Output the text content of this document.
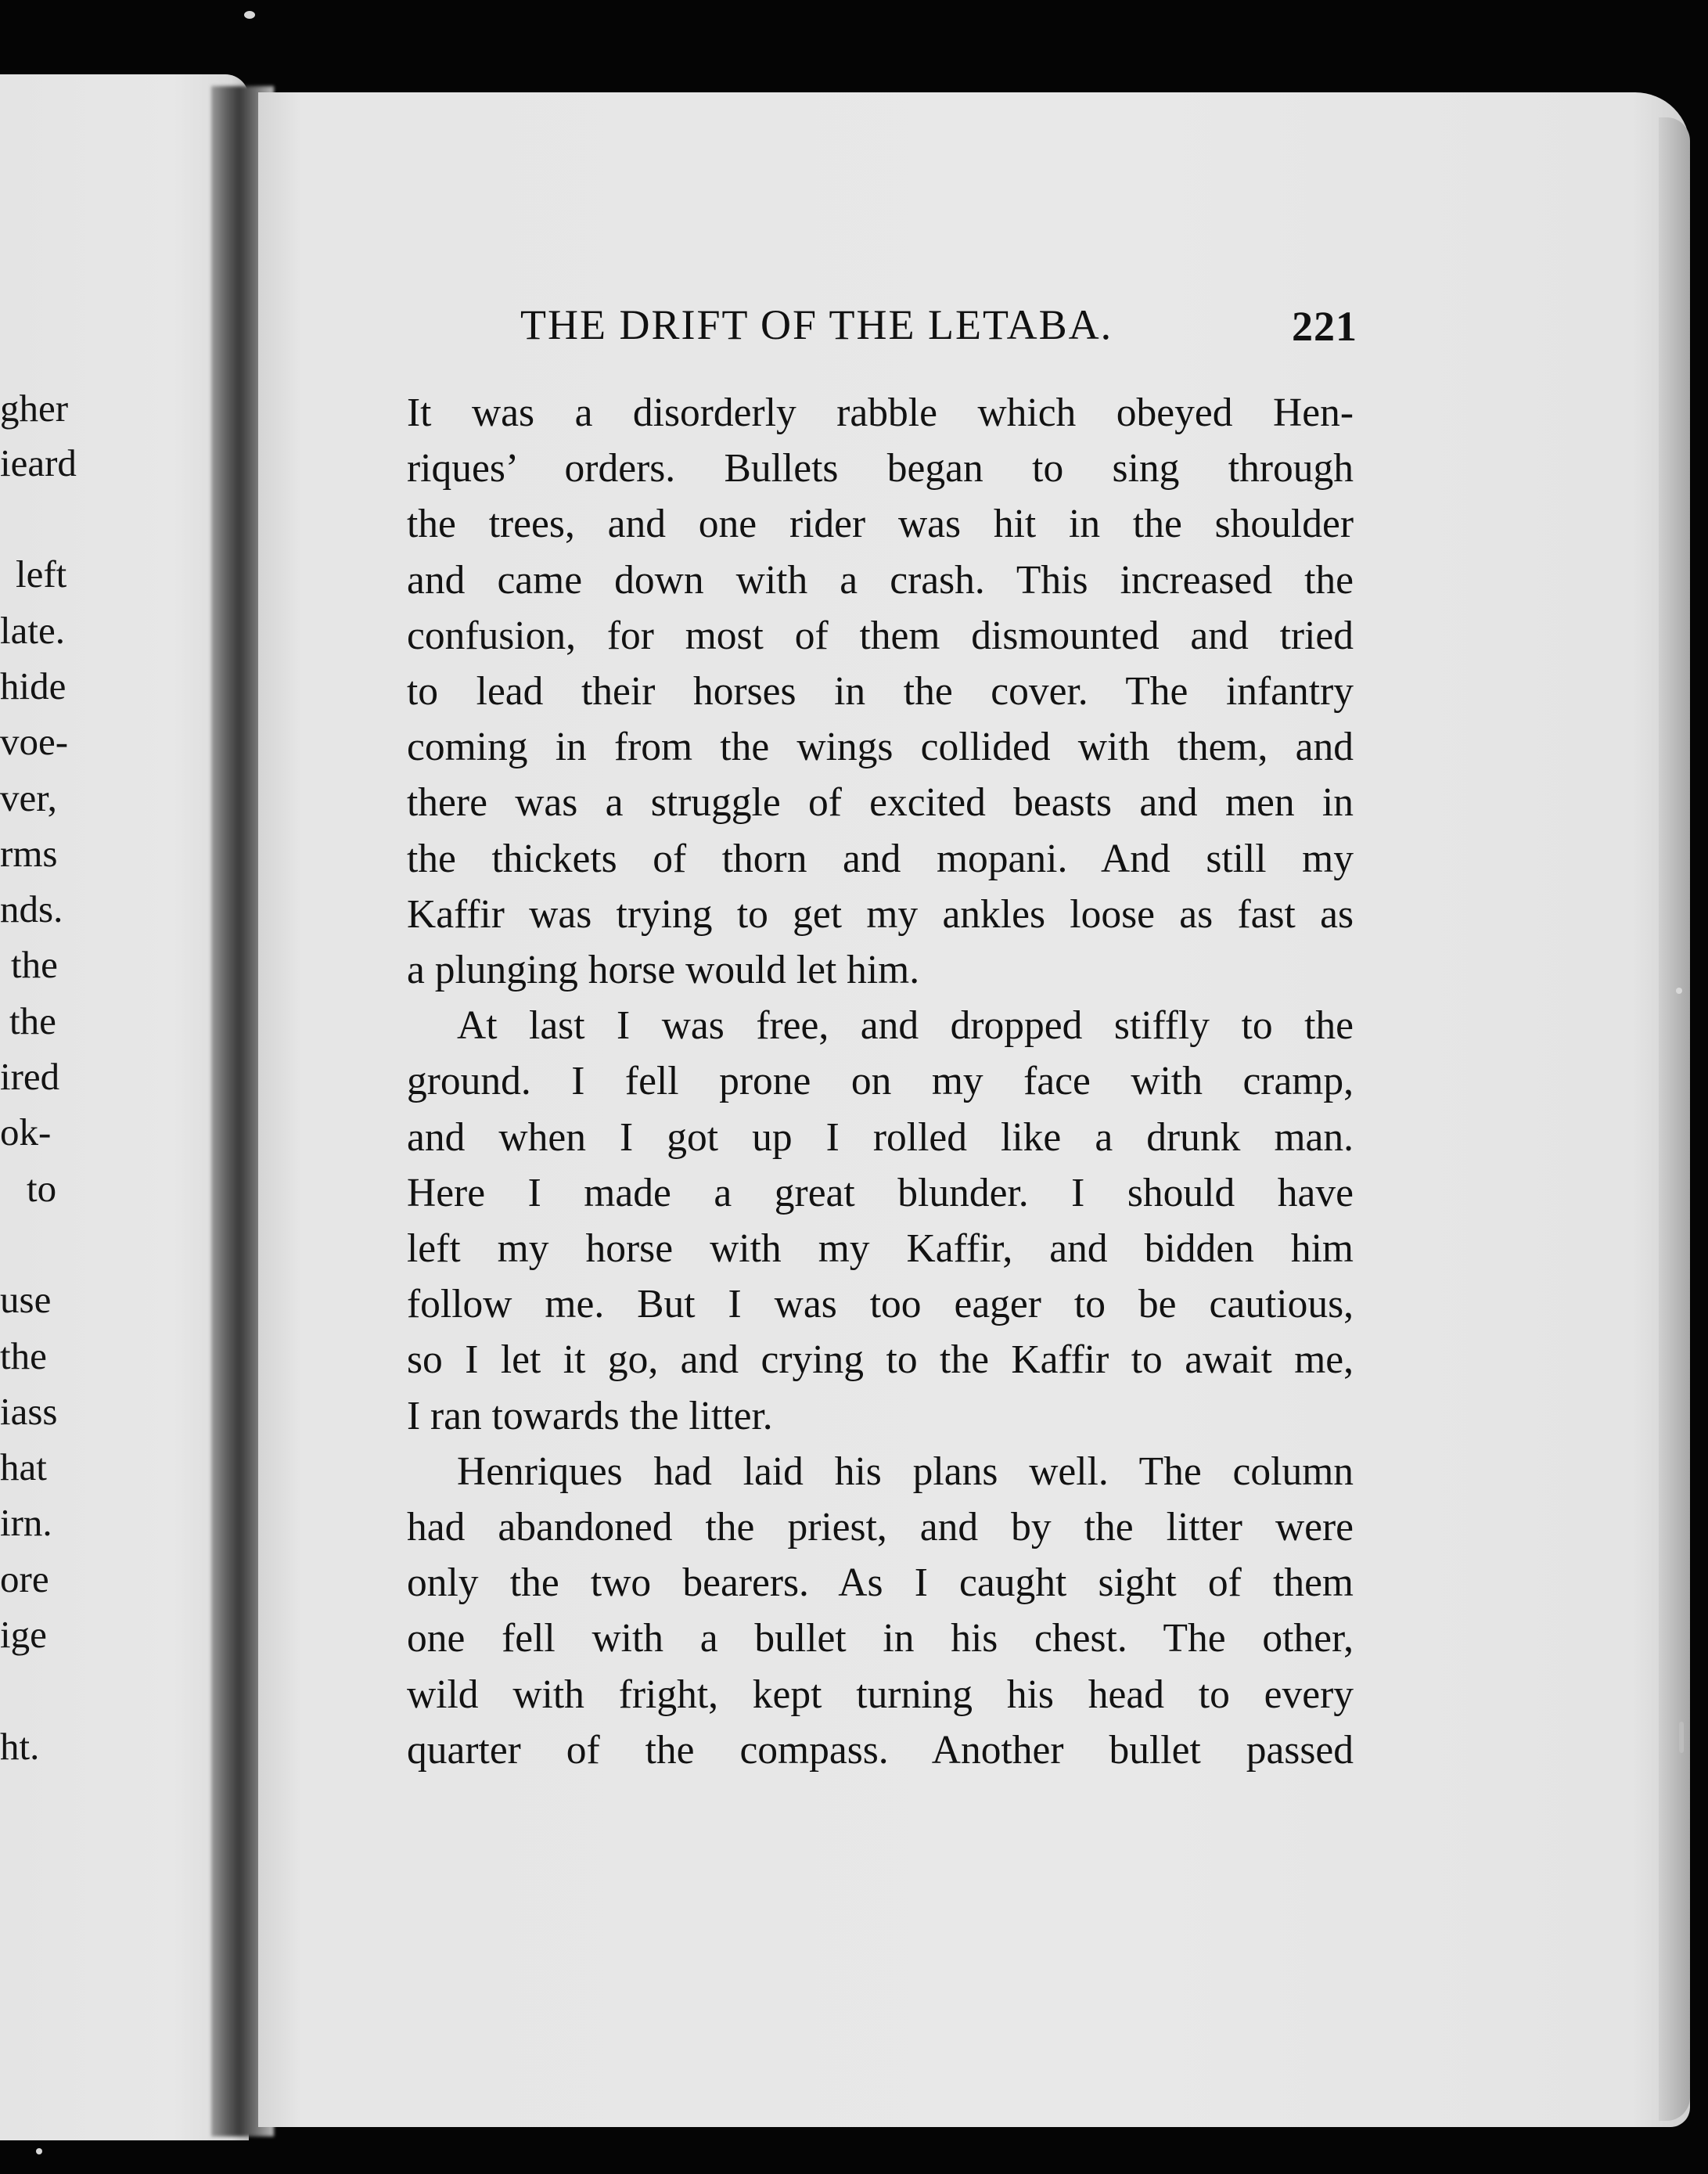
gher
ieard
left
late.
hide
voe-
ver,
rms
nds.
the
the
ired
ok-
to
use
the
iass
hat
irn.
ore
ige
ht.
THE DRIFT OF THE LETABA.	221
It was a disorderly rabble which obeyed Hen-
riques’ orders. Bullets began to sing through
the trees, and one rider was hit in the shoulder
and came down with a crash. This increased the
confusion, for most of them dismounted and tried
to lead their horses in the cover. The infantry
coming in from the wings collided with them, and
there was a struggle of excited beasts and men in
the thickets of thorn and mopani. And still my
Kaffir was trying to get my ankles loose as fast as
a plunging horse would let him.
At last I was free, and dropped stiffly to the
ground. I fell prone on my face with cramp,
and when I got up I rolled like a drunk man.
Here I made a great blunder. I should have
left my horse with my Kaffir, and bidden him
follow me. But I was too eager to be cautious,
so I let it go, and crying to the Kaffir to await me,
I ran towards the litter.
Henriques had laid his plans well. The column
had abandoned the priest, and by the litter were
only the two bearers. As I caught sight of them
one fell with a bullet in his chest. The other,
wild with fright, kept turning his head to every
quarter of the compass. Another bullet passed
